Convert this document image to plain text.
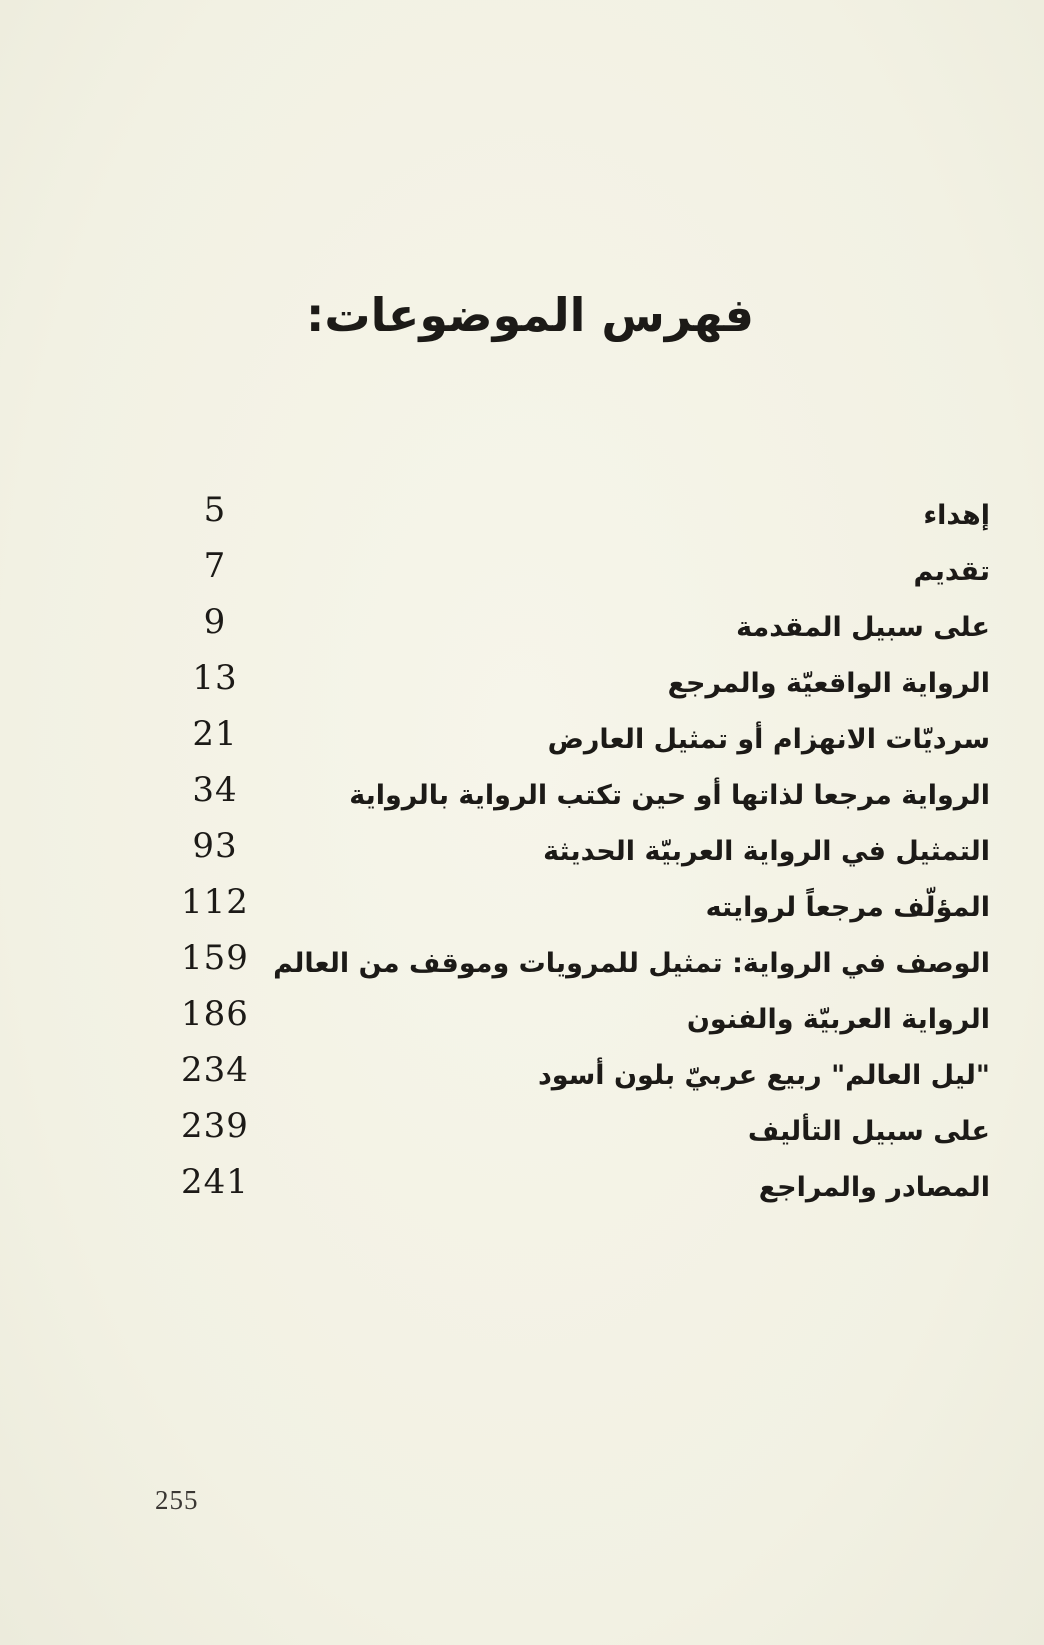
فهرس الموضوعات:
إهداء
5
تقديم
7
على سبيل المقدمة
9
الرواية الواقعيّة والمرجع
13
سرديّات الانهزام أو تمثيل العارض
21
الرواية مرجعا لذاتها أو حين تكتب الرواية بالرواية
34
التمثيل في الرواية العربيّة الحديثة
93
المؤلّف مرجعاً لروايته
112
الوصف في الرواية: تمثيل للمرويات وموقف من العالم
159
الرواية العربيّة والفنون
186
"ليل العالم" ربيع عربيّ بلون أسود
234
على سبيل التأليف
239
المصادر والمراجع
241
255
